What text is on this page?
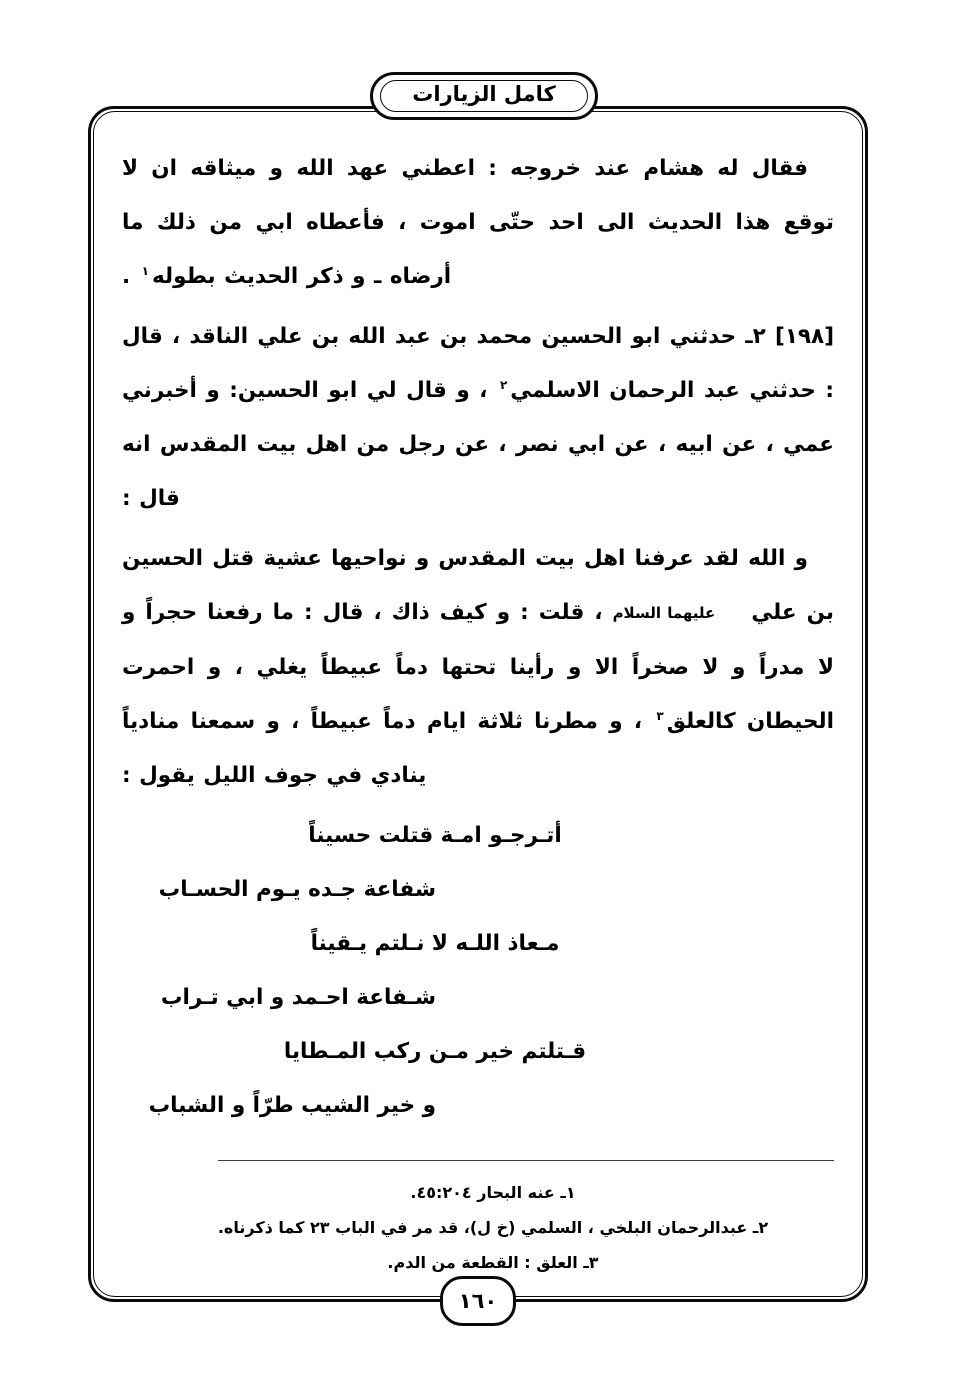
فقال له هشام عند خروجه : اعطني عهد الله و ميثاقه ان لا توقع هذا الحديث الى احد حتّى اموت ، فأعطاه ابي من ذلك ما أرضاه ـ و ذكر الحديث بطوله$^١$ .

[١٩٨] ٢ـ حدثني ابو الحسين محمد بن عبد الله بن علي الناقد ، قال : حدثني عبد الرحمان الاسلمي$^٢$ ، و قال لي ابو الحسين: و أخبرني عمي ، عن ابيه ، عن ابي نصر ، عن رجل من اهل بيت المقدس انه قال :

و الله لقد عرفنا اهل بيت المقدس و نواحيها عشية قتل الحسين بن علي عليهما السلام ، قلت : و كيف ذاك ، قال : ما رفعنا حجراً و لا مدراً و لا صخراً الا و رأينا تحتها دماً عبيطاً يغلي ، و احمرت الحيطان كالعلق$^٣$ ، و مطرنا ثلاثة ايام دماً عبيطاً ، و سمعنا منادياً ينادي في جوف الليل يقول :

أتـرجـو امـة قتلت حسيناً
شفاعة جـده يـوم الحسـاب
مـعاذ اللـه لا نـلتم يـقيناً
شـفاعة احـمد و ابي تـراب
قـتلتم خير مـن ركب المـطايا
و خير الشيب طرّاً و الشباب
١ـ عنه البحار ٤٥:٢٠٤.
٢ـ عبدالرحمان البلخي ، السلمي (خ ل)، قد مر في الباب ٢٣ كما ذكرناه.
٣ـ العلق : القطعة من الدم.
١٦٠
كامل الزيارات
